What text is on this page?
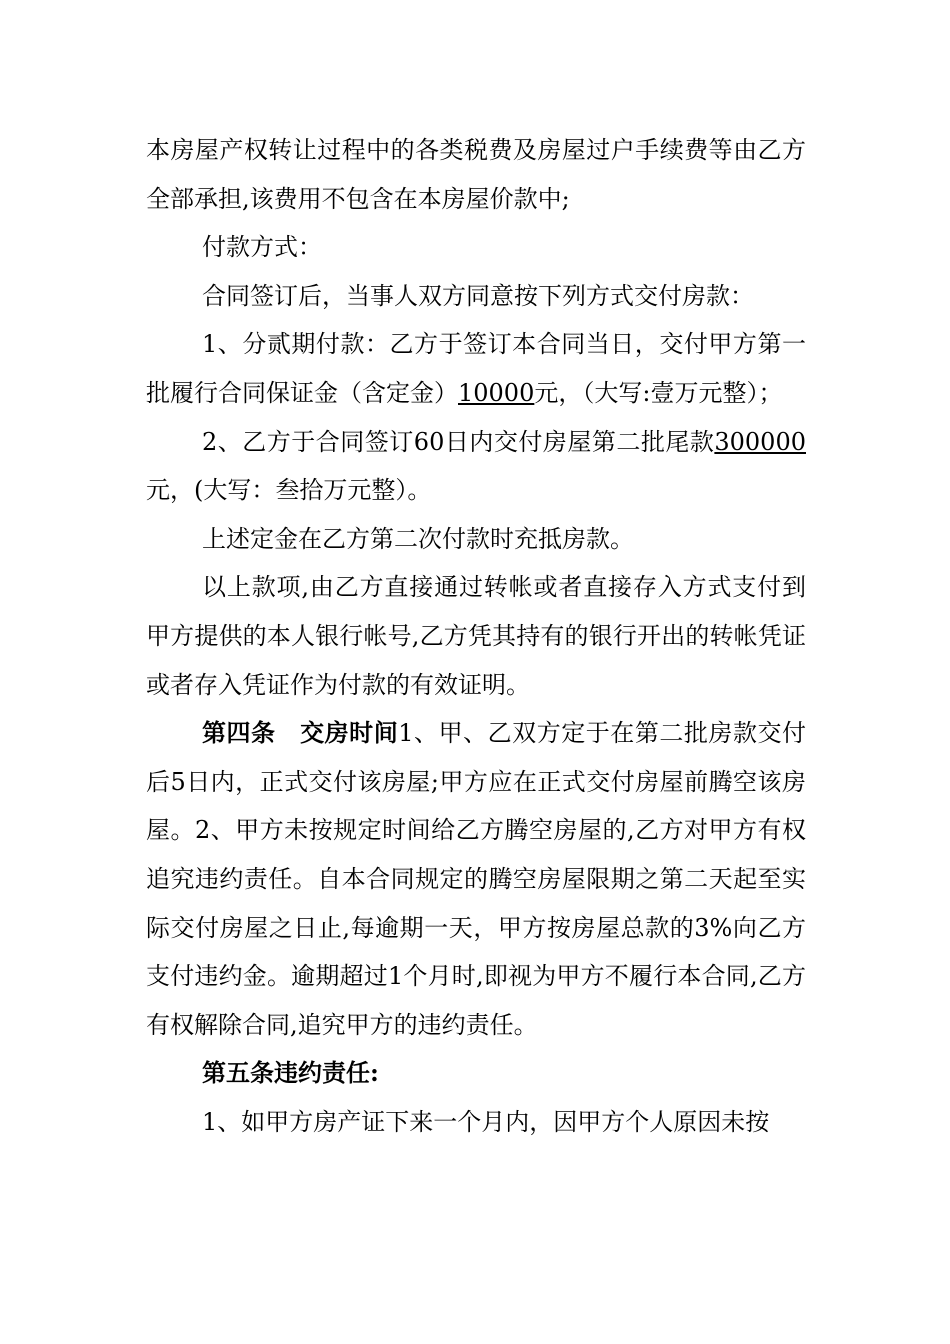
本房屋产权转让过程中的各类税费及房屋过户手续费等由乙方全部承担,该费用不包含在本房屋价款中;

付款方式：

合同签订后，当事人双方同意按下列方式交付房款：

1、分贰期付款：乙方于签订本合同当日，交付甲方第一批履行合同保证金（含定金）10000元，（大写:壹万元整）；

2、乙方于合同签订60日内交付房屋第二批尾款300000元，(大写：叁拾万元整）。

上述定金在乙方第二次付款时充抵房款。

以上款项,由乙方直接通过转帐或者直接存入方式支付到甲方提供的本人银行帐号,乙方凭其持有的银行开出的转帐凭证或者存入凭证作为付款的有效证明。

第四条　交房时间1、甲、乙双方定于在第二批房款交付后5日内，正式交付该房屋;甲方应在正式交付房屋前腾空该房屋。2、甲方未按规定时间给乙方腾空房屋的,乙方对甲方有权追究违约责任。自本合同规定的腾空房屋限期之第二天起至实际交付房屋之日止,每逾期一天，甲方按房屋总款的3%向乙方支付违约金。逾期超过1个月时,即视为甲方不履行本合同,乙方有权解除合同,追究甲方的违约责任。

第五条违约责任:

1、如甲方房产证下来一个月内，因甲方个人原因未按
